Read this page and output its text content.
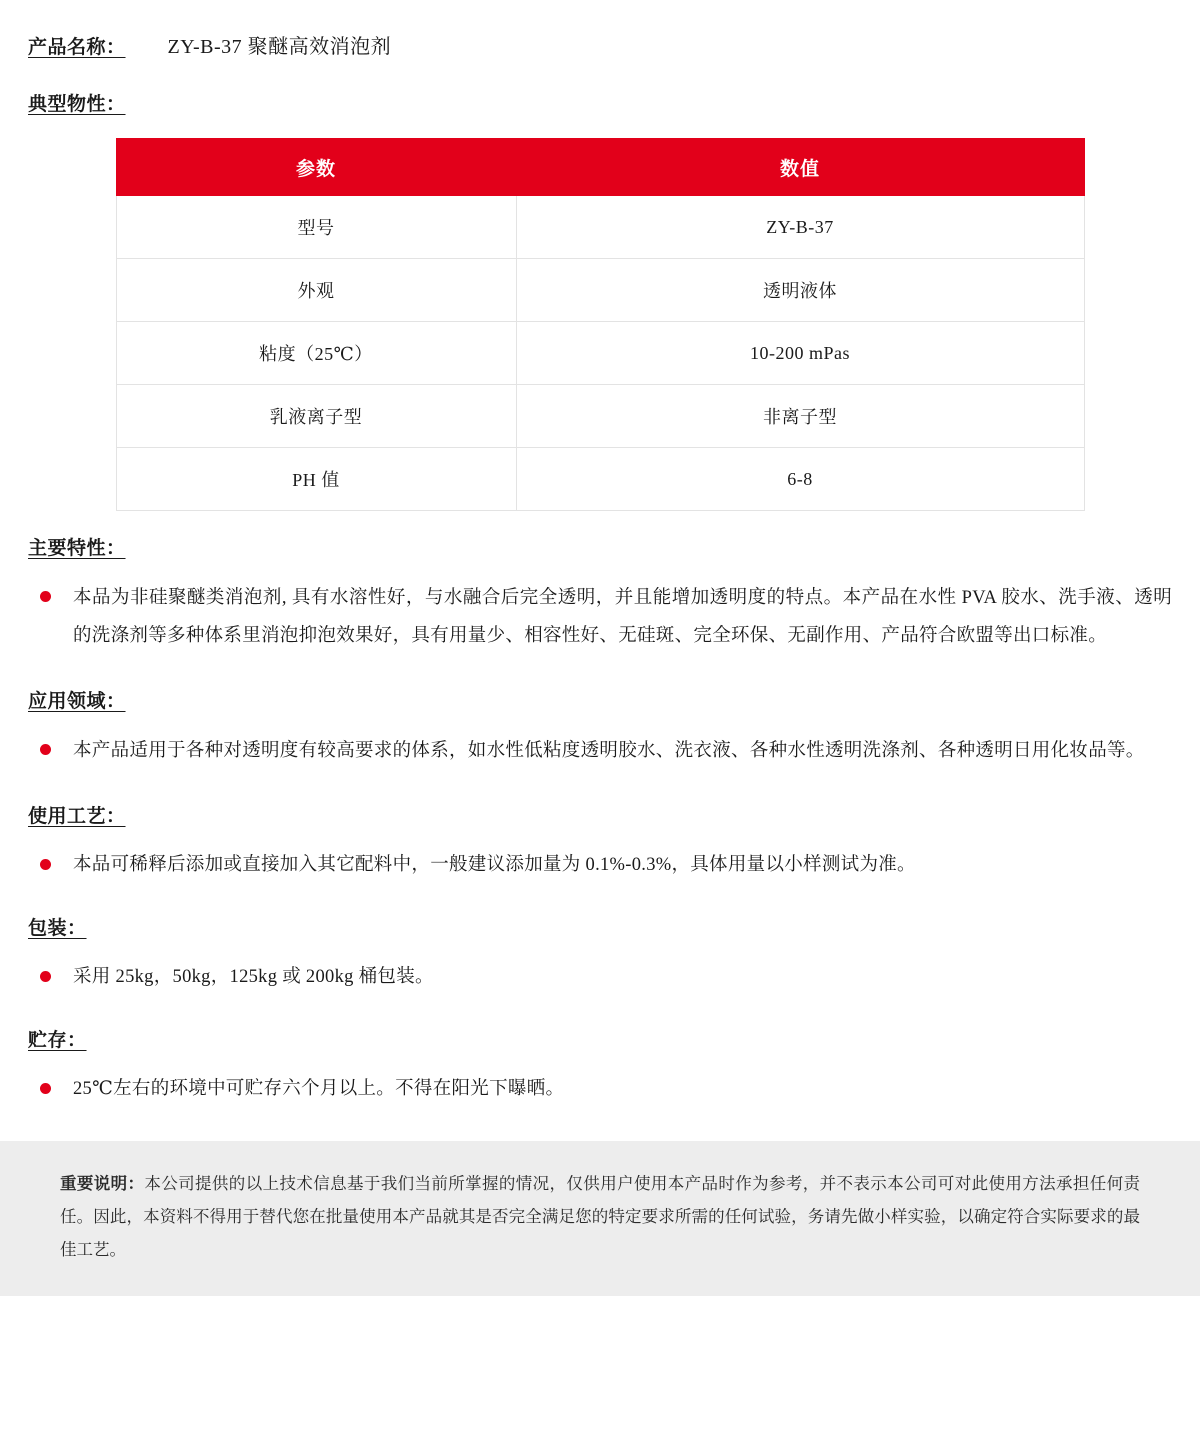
产品名称： ZY-B-37 聚醚高效消泡剂
典型物性：
参数	数值
型号	ZY-B-37
外观	透明液体
粘度（25℃）	10-200 mPas
乳液离子型	非离子型
PH 值	6-8
主要特性：
本品为非硅聚醚类消泡剂, 具有水溶性好，与水融合后完全透明，并且能增加透明度的特点。本产品在水性 PVA 胶水、洗手液、透明的洗涤剂等多种体系里消泡抑泡效果好，具有用量少、相容性好、无硅斑、完全环保、无副作用、产品符合欧盟等出口标准。
应用领域：
本产品适用于各种对透明度有较高要求的体系，如水性低粘度透明胶水、洗衣液、各种水性透明洗涤剂、各种透明日用化妆品等。
使用工艺：
本品可稀释后添加或直接加入其它配料中，一般建议添加量为 0.1%-0.3%，具体用量以小样测试为准。
包装：
采用 25kg，50kg，125kg 或 200kg 桶包装。
贮存：
25℃左右的环境中可贮存六个月以上。不得在阳光下曝晒。
重要说明：本公司提供的以上技术信息基于我们当前所掌握的情况，仅供用户使用本产品时作为参考，并不表示本公司可对此使用方法承担任何责任。因此，本资料不得用于替代您在批量使用本产品就其是否完全满足您的特定要求所需的任何试验，务请先做小样实验，以确定符合实际要求的最佳工艺。
